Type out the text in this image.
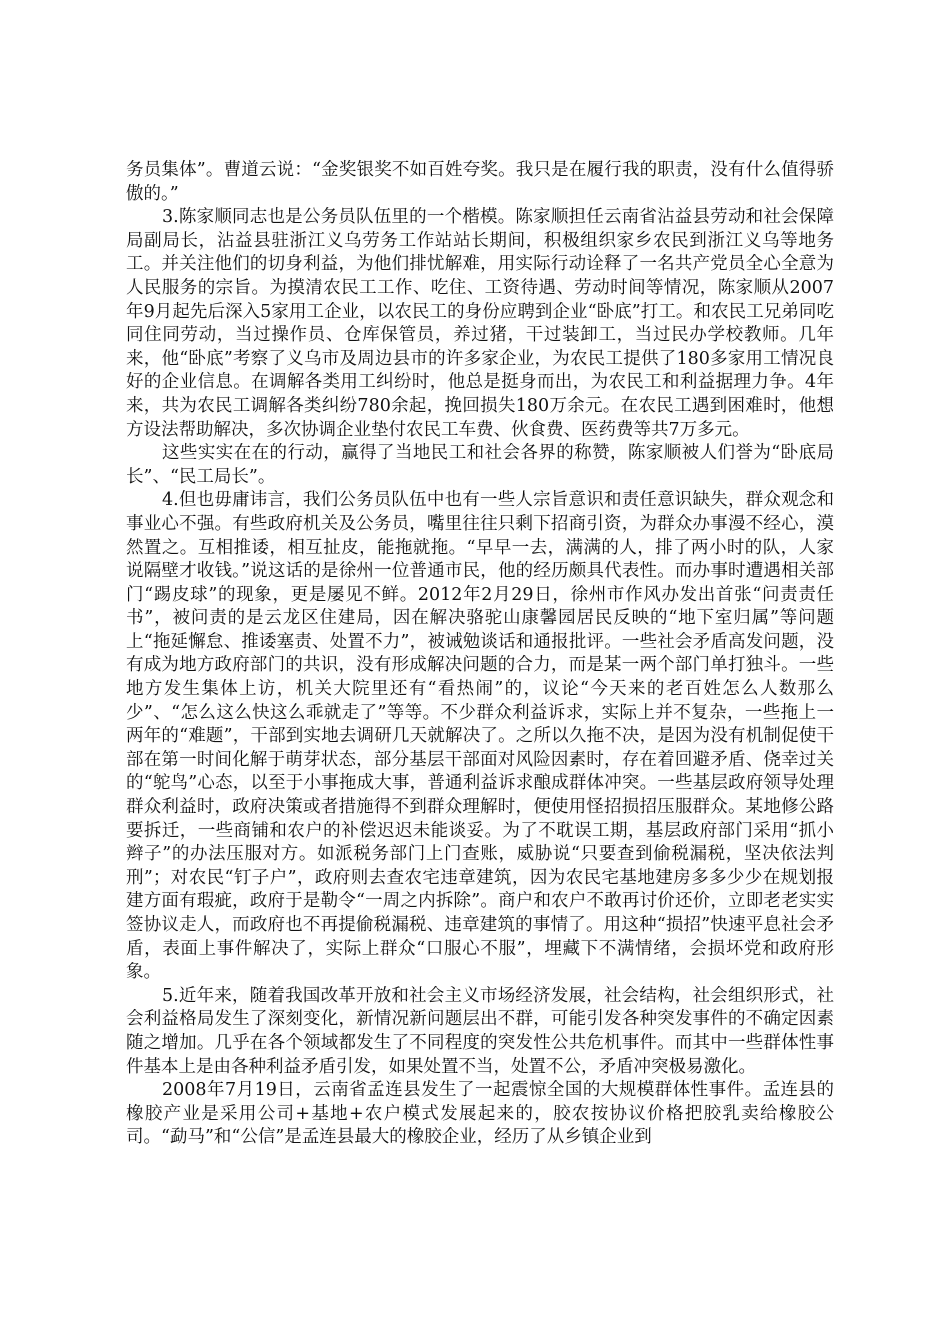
务员集体”。曹道云说：“金奖银奖不如百姓夸奖。我只是在履行我的职责，没有什么值得骄傲的。”

3.陈家顺同志也是公务员队伍里的一个楷模。陈家顺担任云南省沾益县劳动和社会保障局副局长，沾益县驻浙江义乌劳务工作站站长期间，积极组织家乡农民到浙江义乌等地务工。并关注他们的切身利益，为他们排忧解难，用实际行动诠释了一名共产党员全心全意为人民服务的宗旨。为摸清农民工工作、吃住、工资待遇、劳动时间等情况，陈家顺从2007年9月起先后深入5家用工企业，以农民工的身份应聘到企业“卧底”打工。和农民工兄弟同吃同住同劳动，当过操作员、仓库保管员，养过猪，干过装卸工，当过民办学校教师。几年来，他“卧底”考察了义乌市及周边县市的许多家企业，为农民工提供了180多家用工情况良好的企业信息。在调解各类用工纠纷时，他总是挺身而出，为农民工和利益据理力争。4年来，共为农民工调解各类纠纷780余起，挽回损失180万余元。在农民工遇到困难时，他想方设法帮助解决，多次协调企业垫付农民工车费、伙食费、医药费等共7万多元。

这些实实在在的行动，赢得了当地民工和社会各界的称赞，陈家顺被人们誉为“卧底局长”、“民工局长”。

4.但也毋庸讳言，我们公务员队伍中也有一些人宗旨意识和责任意识缺失，群众观念和事业心不强。有些政府机关及公务员，嘴里往往只剩下招商引资，为群众办事漫不经心，漠然置之。互相推诿，相互扯皮，能拖就拖。“早早一去，满满的人，排了两小时的队，人家说隔壁才收钱。”说这话的是徐州一位普通市民，他的经历颇具代表性。而办事时遭遇相关部门“踢皮球”的现象，更是屡见不鲜。2012年2月29日，徐州市作风办发出首张“问责责任书”，被问责的是云龙区住建局，因在解决骆驼山康馨园居民反映的“地下室归属”等问题上“拖延懈怠、推诿塞责、处置不力”，被诫勉谈话和通报批评。一些社会矛盾高发问题，没有成为地方政府部门的共识，没有形成解决问题的合力，而是某一两个部门单打独斗。一些地方发生集体上访，机关大院里还有“看热闹”的，议论“今天来的老百姓怎么人数那么少”、“怎么这么快这么乖就走了”等等。不少群众利益诉求，实际上并不复杂，一些拖上一两年的“难题”，干部到实地去调研几天就解决了。之所以久拖不决，是因为没有机制促使干部在第一时间化解于萌芽状态，部分基层干部面对风险因素时，存在着回避矛盾、侥幸过关的“鸵鸟”心态，以至于小事拖成大事，普通利益诉求酿成群体冲突。一些基层政府领导处理群众利益时，政府决策或者措施得不到群众理解时，便使用怪招损招压服群众。某地修公路要拆迁，一些商铺和农户的补偿迟迟未能谈妥。为了不耽误工期，基层政府部门采用“抓小辫子”的办法压服对方。如派税务部门上门查账，威胁说“只要查到偷税漏税，坚决依法判刑”；对农民“钉子户”，政府则去查农宅违章建筑，因为农民宅基地建房多多少少在规划报建方面有瑕疵，政府于是勒令“一周之内拆除”。商户和农户不敢再讨价还价，立即老老实实签协议走人，而政府也不再提偷税漏税、违章建筑的事情了。用这种“损招”快速平息社会矛盾，表面上事件解决了，实际上群众“口服心不服”，埋藏下不满情绪，会损坏党和政府形象。

5.近年来，随着我国改革开放和社会主义市场经济发展，社会结构，社会组织形式，社会利益格局发生了深刻变化，新情况新问题层出不群，可能引发各种突发事件的不确定因素随之增加。几乎在各个领域都发生了不同程度的突发性公共危机事件。而其中一些群体性事件基本上是由各种利益矛盾引发，如果处置不当，处置不公，矛盾冲突极易激化。

2008年7月19日，云南省孟连县发生了一起震惊全国的大规模群体性事件。孟连县的橡胶产业是采用公司+基地+农户模式发展起来的，胶农按协议价格把胶乳卖给橡胶公司。“勐马”和“公信”是孟连县最大的橡胶企业，经历了从乡镇企业到
